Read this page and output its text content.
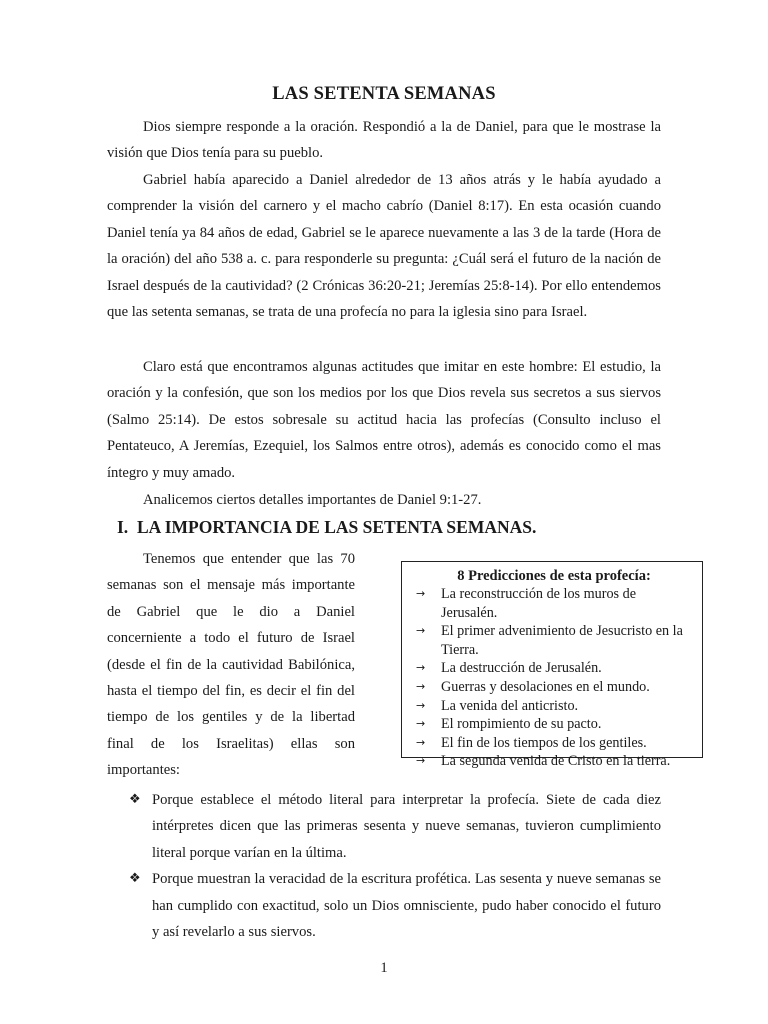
LAS SETENTA SEMANAS

Dios siempre responde a la oración. Respondió a la de Daniel, para que le mostrase la visión que Dios tenía para su pueblo.

Gabriel había aparecido a Daniel alrededor de 13 años atrás y le había ayudado a comprender la visión del carnero y el macho cabrío (Daniel 8:17). En esta ocasión cuando Daniel tenía ya 84 años de edad, Gabriel se le aparece nuevamente a las 3 de la tarde (Hora de la oración) del año 538 a. c. para responderle su pregunta: ¿Cuál será el futuro de la nación de Israel después de la cautividad? (2 Crónicas 36:20-21; Jeremías 25:8-14). Por ello entendemos que las setenta semanas, se trata de una profecía no para la iglesia sino para Israel.

Claro está que encontramos algunas actitudes que imitar en este hombre: El estudio, la oración y la confesión, que son los medios por los que Dios revela sus secretos a sus siervos (Salmo 25:14). De estos sobresale su actitud hacia las profecías (Consulto incluso el Pentateuco, A Jeremías, Ezequiel, los Salmos entre otros), además es conocido como el mas íntegro y muy amado.

Analicemos ciertos detalles importantes de Daniel 9:1-27.

I. LA IMPORTANCIA DE LAS SETENTA SEMANAS.

Tenemos que entender que las 70 semanas son el mensaje más importante de Gabriel que le dio a Daniel concerniente a todo el futuro de Israel (desde el fin de la cautividad Babilónica, hasta el tiempo del fin, es decir el fin del tiempo de los gentiles y de la libertad final de los Israelitas) ellas son importantes:

8 Predicciones de esta profecía:
→ La reconstrucción de los muros de Jerusalén.
→ El primer advenimiento de Jesucristo en la Tierra.
→ La destrucción de Jerusalén.
→ Guerras y desolaciones en el mundo.
→ La venida del anticristo.
→ El rompimiento de su pacto.
→ El fin de los tiempos de los gentiles.
→ La segunda venida de Cristo en la tierra.
❖ Porque establece el método literal para interpretar la profecía. Siete de cada diez intérpretes dicen que las primeras sesenta y nueve semanas, tuvieron cumplimiento literal porque varían en la última.
❖ Porque muestran la veracidad de la escritura profética. Las sesenta y nueve semanas se han cumplido con exactitud, solo un Dios omnisciente, pudo haber conocido el futuro y así revelarlo a sus siervos.
1
